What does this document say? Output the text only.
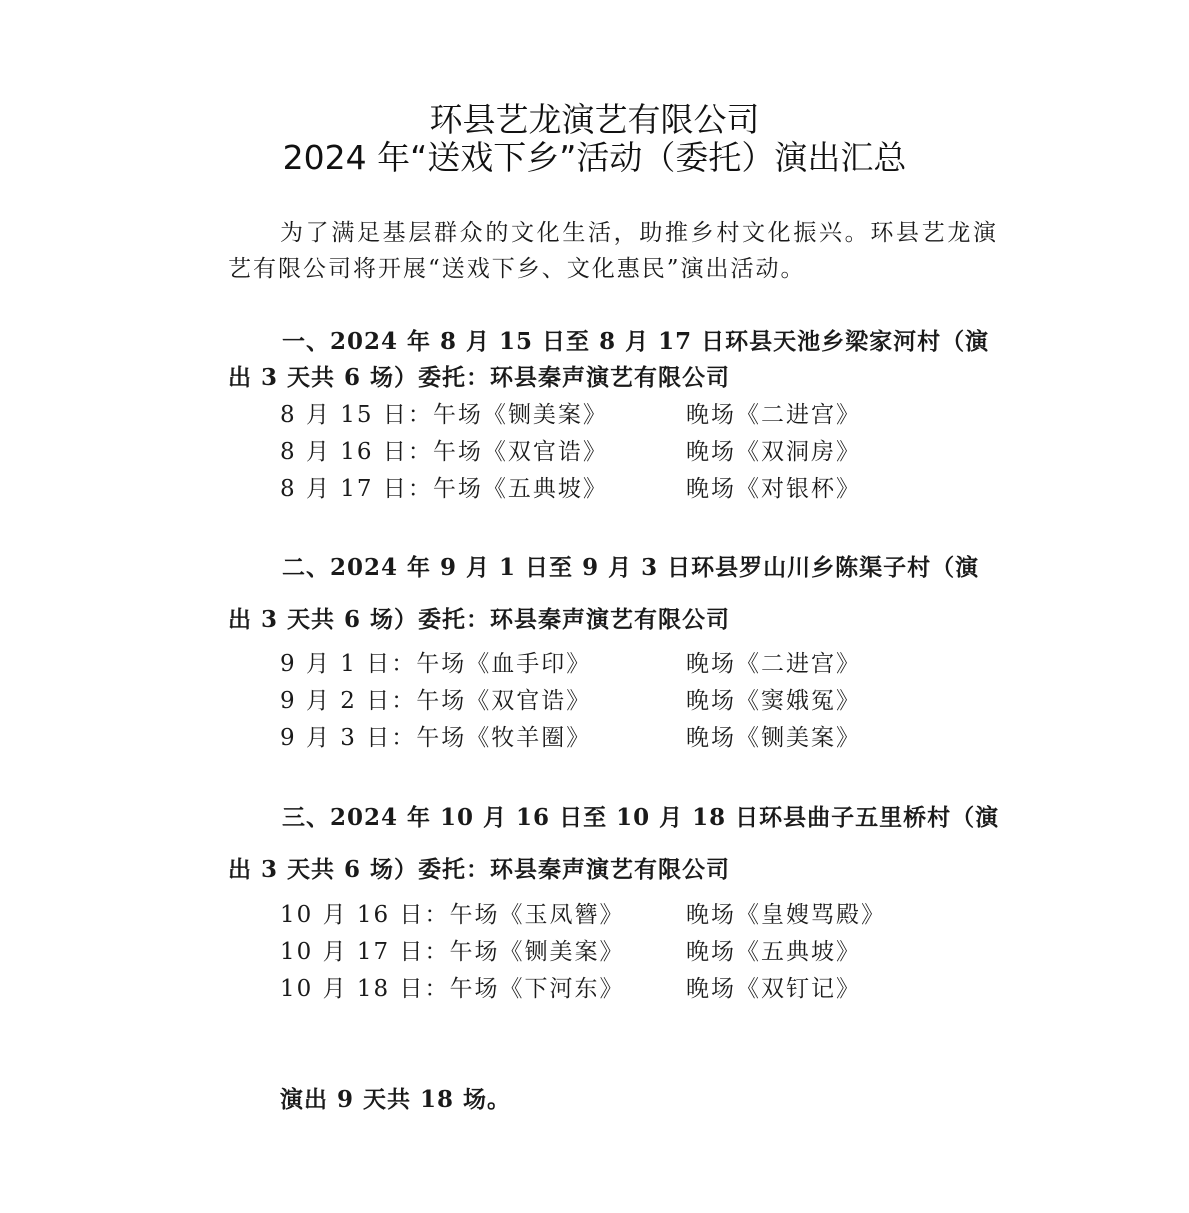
环县艺龙演艺有限公司
2024 年“送戏下乡”活动（委托）演出汇总
为了满足基层群众的文化生活，助推乡村文化振兴。环县艺龙演艺有限公司将开展“送戏下乡、文化惠民”演出活动。
一、2024 年 8 月 15 日至 8 月 17 日环县天池乡梁家河村（演
出 3 天共 6 场）委托：环县秦声演艺有限公司
8 月 15 日：午场《铡美案》	晚场《二进宫》
8 月 16 日：午场《双官诰》	晚场《双洞房》
8 月 17 日：午场《五典坡》	晚场《对银杯》
二、2024 年 9 月 1 日至 9 月 3 日环县罗山川乡陈渠子村（演
出 3 天共 6 场）委托：环县秦声演艺有限公司
9 月 1 日：午场《血手印》	晚场《二进宫》
9 月 2 日：午场《双官诰》	晚场《窦娥冤》
9 月 3 日：午场《牧羊圈》	晚场《铡美案》
三、2024 年 10 月 16 日至 10 月 18 日环县曲子五里桥村（演
出 3 天共 6 场）委托：环县秦声演艺有限公司
10 月 16 日：午场《玉凤簪》	晚场《皇嫂骂殿》
10 月 17 日：午场《铡美案》	晚场《五典坡》
10 月 18 日：午场《下河东》	晚场《双钉记》
演出 9 天共 18 场。
